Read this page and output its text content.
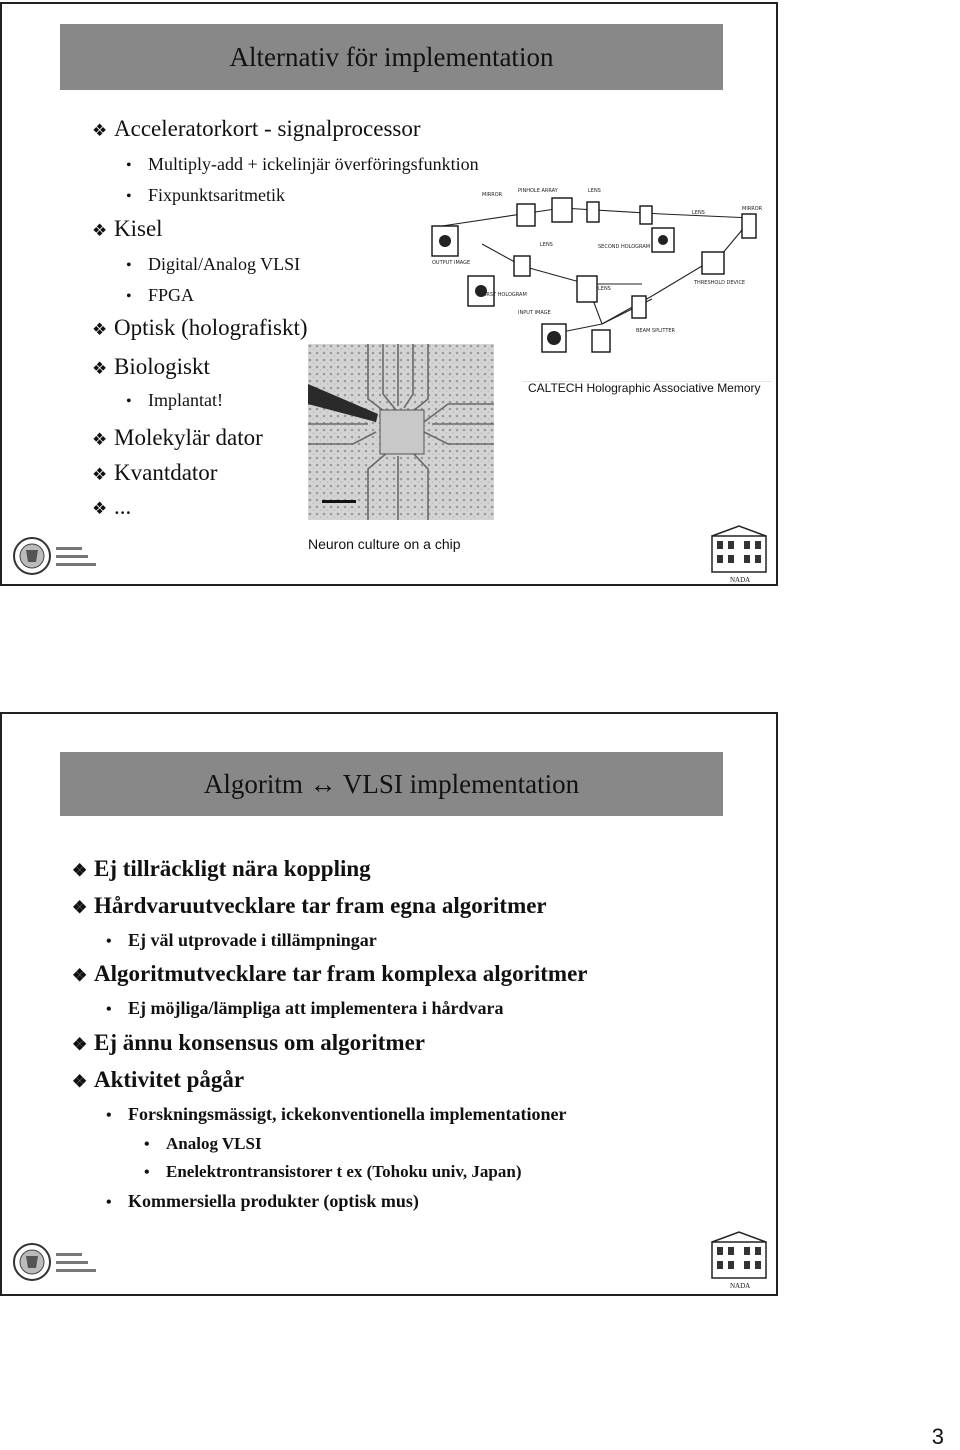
Alternativ för implementation
❖ Acceleratorkort - signalprocessor
• Multiply-add + ickelinjär överföringsfunktion
• Fixpunktsaritmetik
❖ Kisel
• Digital/Analog VLSI
• FPGA
❖ Optisk (holografiskt)
❖ Biologiskt
• Implantat!
❖ Molekylär dator
❖ Kvantdator
❖ ...
Neuron culture on a chip
MIRROR
PINHOLE ARRAY	LENS
LENS
MIRROR
LENS
SECOND HOLOGRAM
OUTPUT IMAGE
FIRST HOLOGRAM
LENS
THRESHOLD DEVICE
INPUT IMAGE
BEAM SPLITTER
CALTECH Holographic Associative Memory
NADA
Algoritm ↔ VLSI implementation
❖ Ej tillräckligt nära koppling
❖ Hårdvaruutvecklare tar fram egna algoritmer
• Ej väl utprovade i tillämpningar
❖ Algoritmutvecklare tar fram komplexa algoritmer
• Ej möjliga/lämpliga att implementera i hårdvara
❖ Ej ännu konsensus om algoritmer
❖ Aktivitet pågår
• Forskningsmässigt, ickekonventionella implementationer
• Analog VLSI
• Enelektrontransistorer t ex (Tohoku univ, Japan)
• Kommersiella produkter (optisk mus)
NADA
3
